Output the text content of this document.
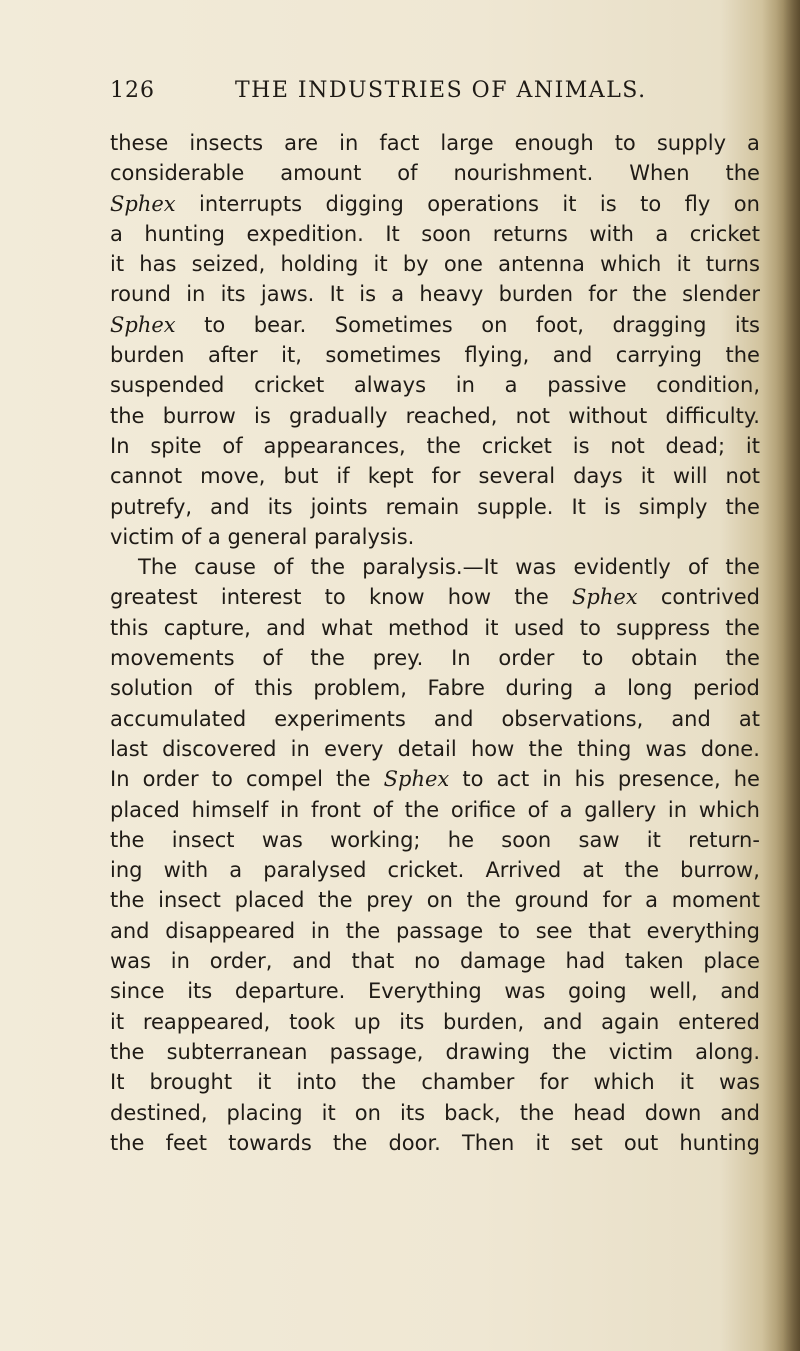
126	THE INDUSTRIES OF ANIMALS.
these insects are in fact large enough to supply a
considerable amount of nourishment. When the
Sphex interrupts digging operations it is to fly on
a hunting expedition. It soon returns with a cricket
it has seized, holding it by one antenna which it turns
round in its jaws. It is a heavy burden for the slender
Sphex to bear. Sometimes on foot, dragging its
burden after it, sometimes flying, and carrying the
suspended cricket always in a passive condition,
the burrow is gradually reached, not without difficulty.
In spite of appearances, the cricket is not dead; it
cannot move, but if kept for several days it will not
putrefy, and its joints remain supple. It is simply the
victim of a general paralysis.
The cause of the paralysis.—It was evidently of the
greatest interest to know how the Sphex contrived
this capture, and what method it used to suppress the
movements of the prey. In order to obtain the
solution of this problem, Fabre during a long period
accumulated experiments and observations, and at
last discovered in every detail how the thing was done.
In order to compel the Sphex to act in his presence, he
placed himself in front of the orifice of a gallery in which
the insect was working; he soon saw it return-
ing with a paralysed cricket. Arrived at the burrow,
the insect placed the prey on the ground for a moment
and disappeared in the passage to see that everything
was in order, and that no damage had taken place
since its departure. Everything was going well, and
it reappeared, took up its burden, and again entered
the subterranean passage, drawing the victim along.
It brought it into the chamber for which it was
destined, placing it on its back, the head down and
the feet towards the door. Then it set out hunting
